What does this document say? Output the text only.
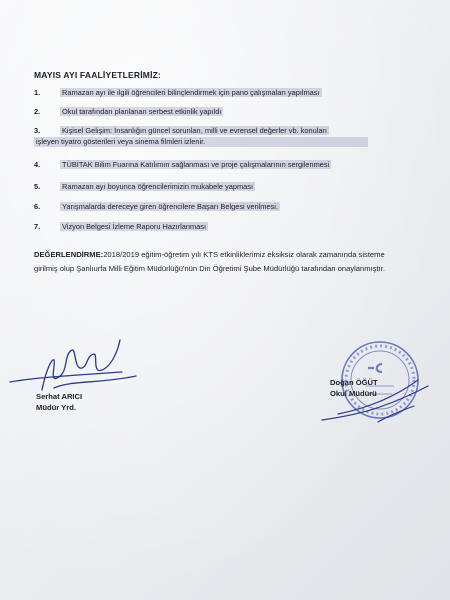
MAYIS AYI FAALİYETLERİMİZ:
1.	Ramazan ayı ile ilgili öğrencileri bilinçlendirmek için pano çalışmaları yapılması
2.	Okul tarafından planlanan serbest etkinlik yapıldı
3.	Kişisel Gelişim: İnsanlığın güncel sorunları, milli ve evrensel değerler vb. konuları
işleyen tiyatro gösterileri veya sinema filmleri izlenir.
4.	TÜBİTAK Bilim Fuarına Katılımın sağlanması ve proje çalışmalarının sergilenmesi
5.	Ramazan ayı boyunca öğrencilerimizin mukabele yapması
6.	Yarışmalarda dereceye giren öğrencilere Başarı Belgesi verilmesi.
7.	Vizyon Belgesi İzleme Raporu Hazırlanması
DEĞERLENDİRME:2018/2019 eğitim-öğretim yılı KTS etkinliklerimiz eksiksiz olarak zamanında sisteme girilmiş olup Şanlıurfa Milli Eğitim Müdürlüğü'nün Din Öğretimi Şube Müdürlüğü tarafından onaylanmıştır.
Serhat ARICI
Müdür Yrd.
Doğan ÖĞÜT
Okul Müdürü
